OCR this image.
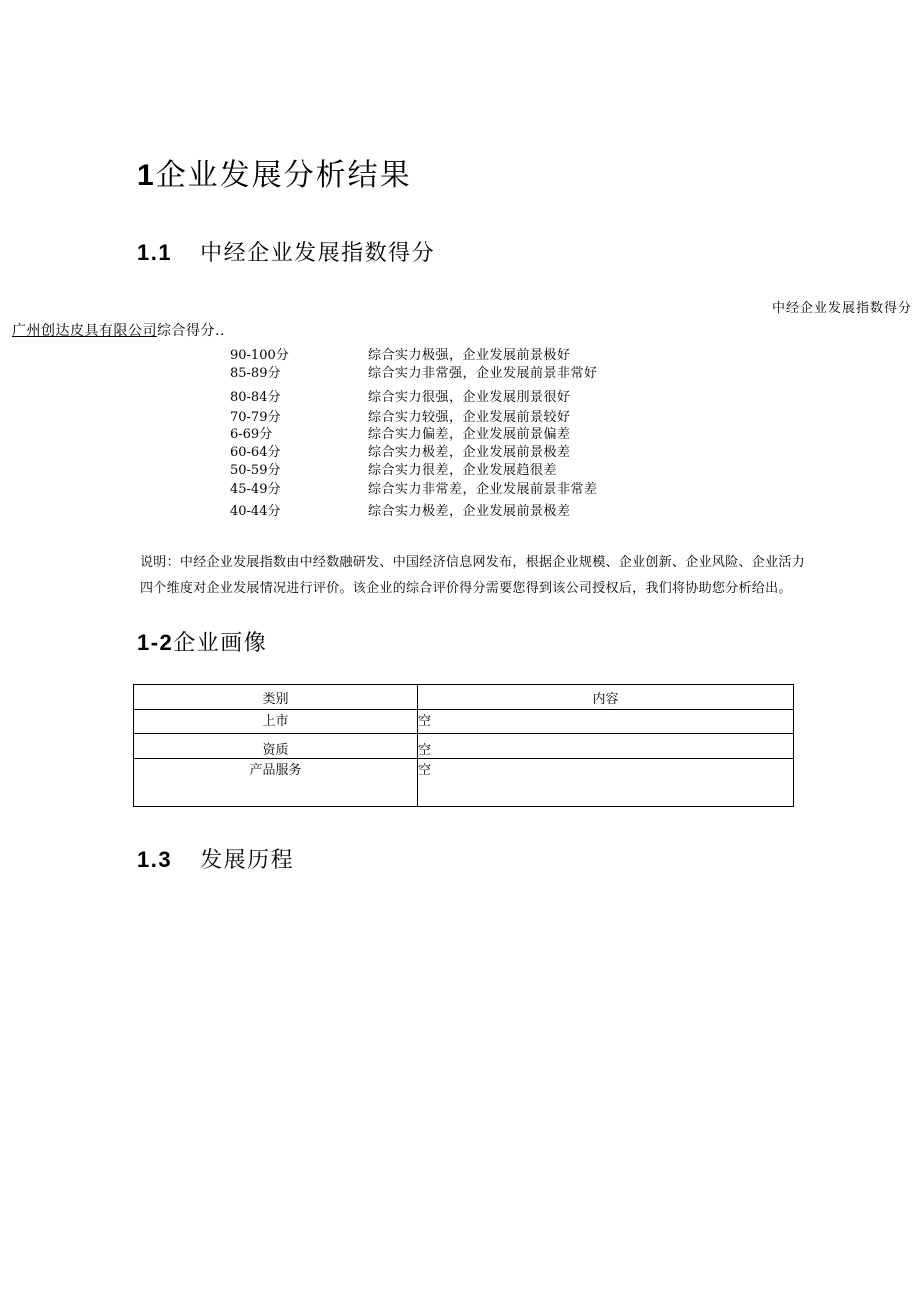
1企业发展分析结果
1.1 中经企业发展指数得分
中经企业发展指数得分
广州创达皮具有限公司综合得分..
90-100分	综合实力极强，企业发展前景极好
85-89分	综合实力非常强，企业发展前景非常好
80-84分	综合实力很强，企业发展刖景很好
70-79分	综合实力较强，企业发展前景较好
6-69分	综合实力偏差，企业发展前景偏差
60-64分	综合实力极差，企业发展前景极差
50-59分	综合实力很差，企业发展趋很差
45-49分	综合实力非常差，企业发展前景非常差
40-44分	综合实力极差，企业发展前景极差
说明：中经企业发展指数由中经数融研发、中国经济信息网发布，根据企业规模、企业创新、企业风险、企业活力
四个维度对企业发展情况进行评价。该企业的综合评价得分需要您得到该公司授权后，我们将协助您分析给出。
1-2企业画像
类别	内容
上市	空
资质	空
产品服务	空
1.3 发展历程
